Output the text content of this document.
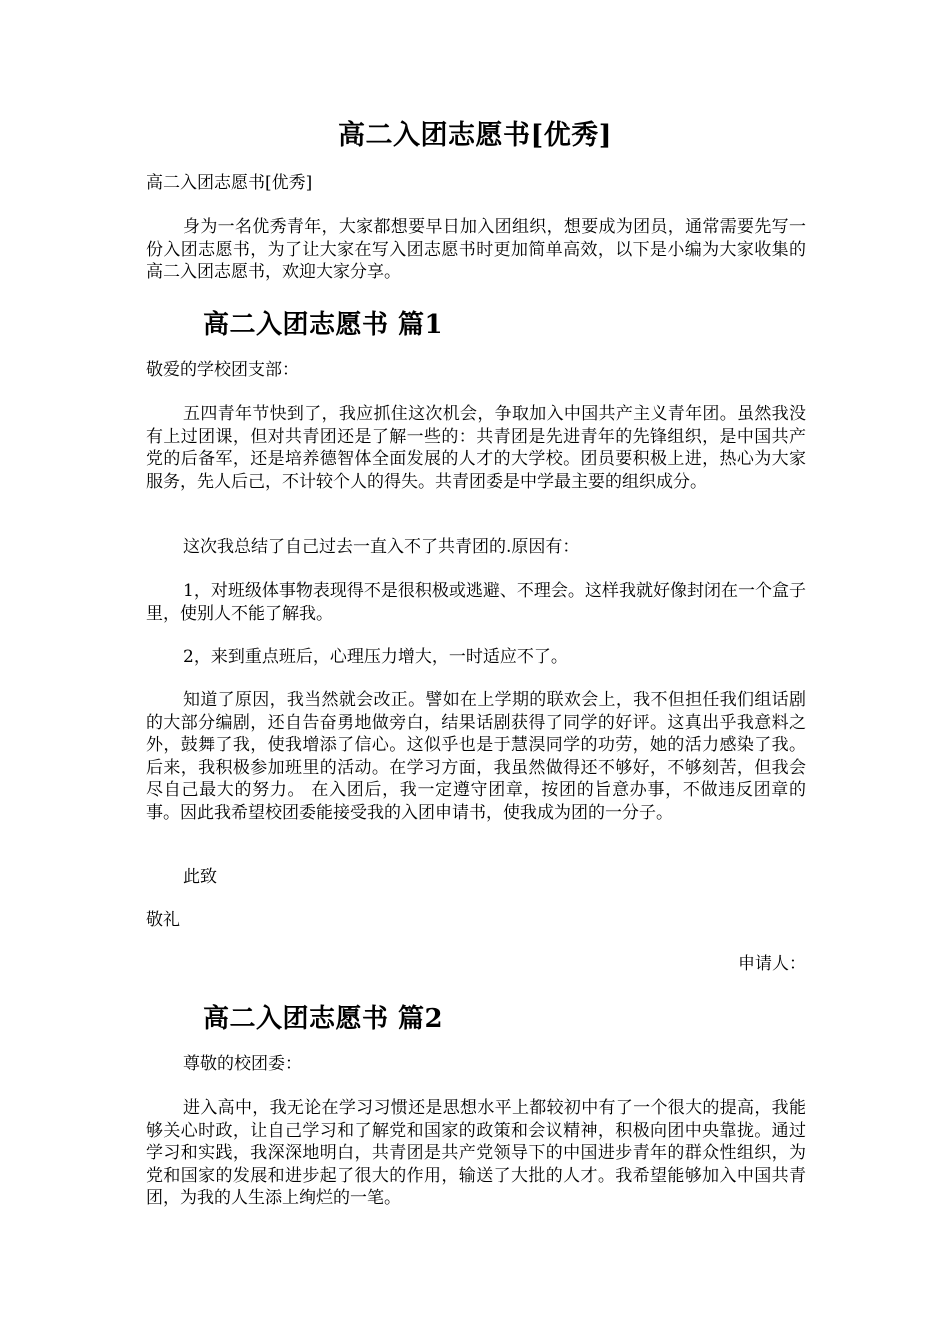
高二入团志愿书[优秀]

高二入团志愿书[优秀]

身为一名优秀青年，大家都想要早日加入团组织，想要成为团员，通常需要先写一份入团志愿书，为了让大家在写入团志愿书时更加简单高效，以下是小编为大家收集的高二入团志愿书，欢迎大家分享。

高二入团志愿书 篇1

敬爱的学校团支部：

五四青年节快到了，我应抓住这次机会，争取加入中国共产主义青年团。虽然我没有上过团课，但对共青团还是了解一些的：共青团是先进青年的先锋组织，是中国共产党的后备军，还是培养德智体全面发展的人才的大学校。团员要积极上进，热心为大家服务，先人后己，不计较个人的得失。共青团委是中学最主要的组织成分。

这次我总结了自己过去一直入不了共青团的.原因有：

1，对班级体事物表现得不是很积极或逃避、不理会。这样我就好像封闭在一个盒子里，使别人不能了解我。

2，来到重点班后，心理压力增大，一时适应不了。

知道了原因，我当然就会改正。譬如在上学期的联欢会上，我不但担任我们组话剧的大部分编剧，还自告奋勇地做旁白，结果话剧获得了同学的好评。这真出乎我意料之外，鼓舞了我，使我增添了信心。这似乎也是于慧淏同学的功劳，她的活力感染了我。后来，我积极参加班里的活动。在学习方面，我虽然做得还不够好，不够刻苦，但我会尽自己最大的努力。 在入团后，我一定遵守团章，按团的旨意办事，不做违反团章的事。因此我希望校团委能接受我的入团申请书，使我成为团的一分子。

此致

敬礼

申请人：

高二入团志愿书 篇2

尊敬的校团委：

进入高中，我无论在学习习惯还是思想水平上都较初中有了一个很大的提高，我能够关心时政，让自己学习和了解党和国家的政策和会议精神，积极向团中央靠拢。通过学习和实践，我深深地明白，共青团是共产党领导下的中国进步青年的群众性组织，为党和国家的发展和进步起了很大的作用，输送了大批的人才。我希望能够加入中国共青团，为我的人生添上绚烂的一笔。
